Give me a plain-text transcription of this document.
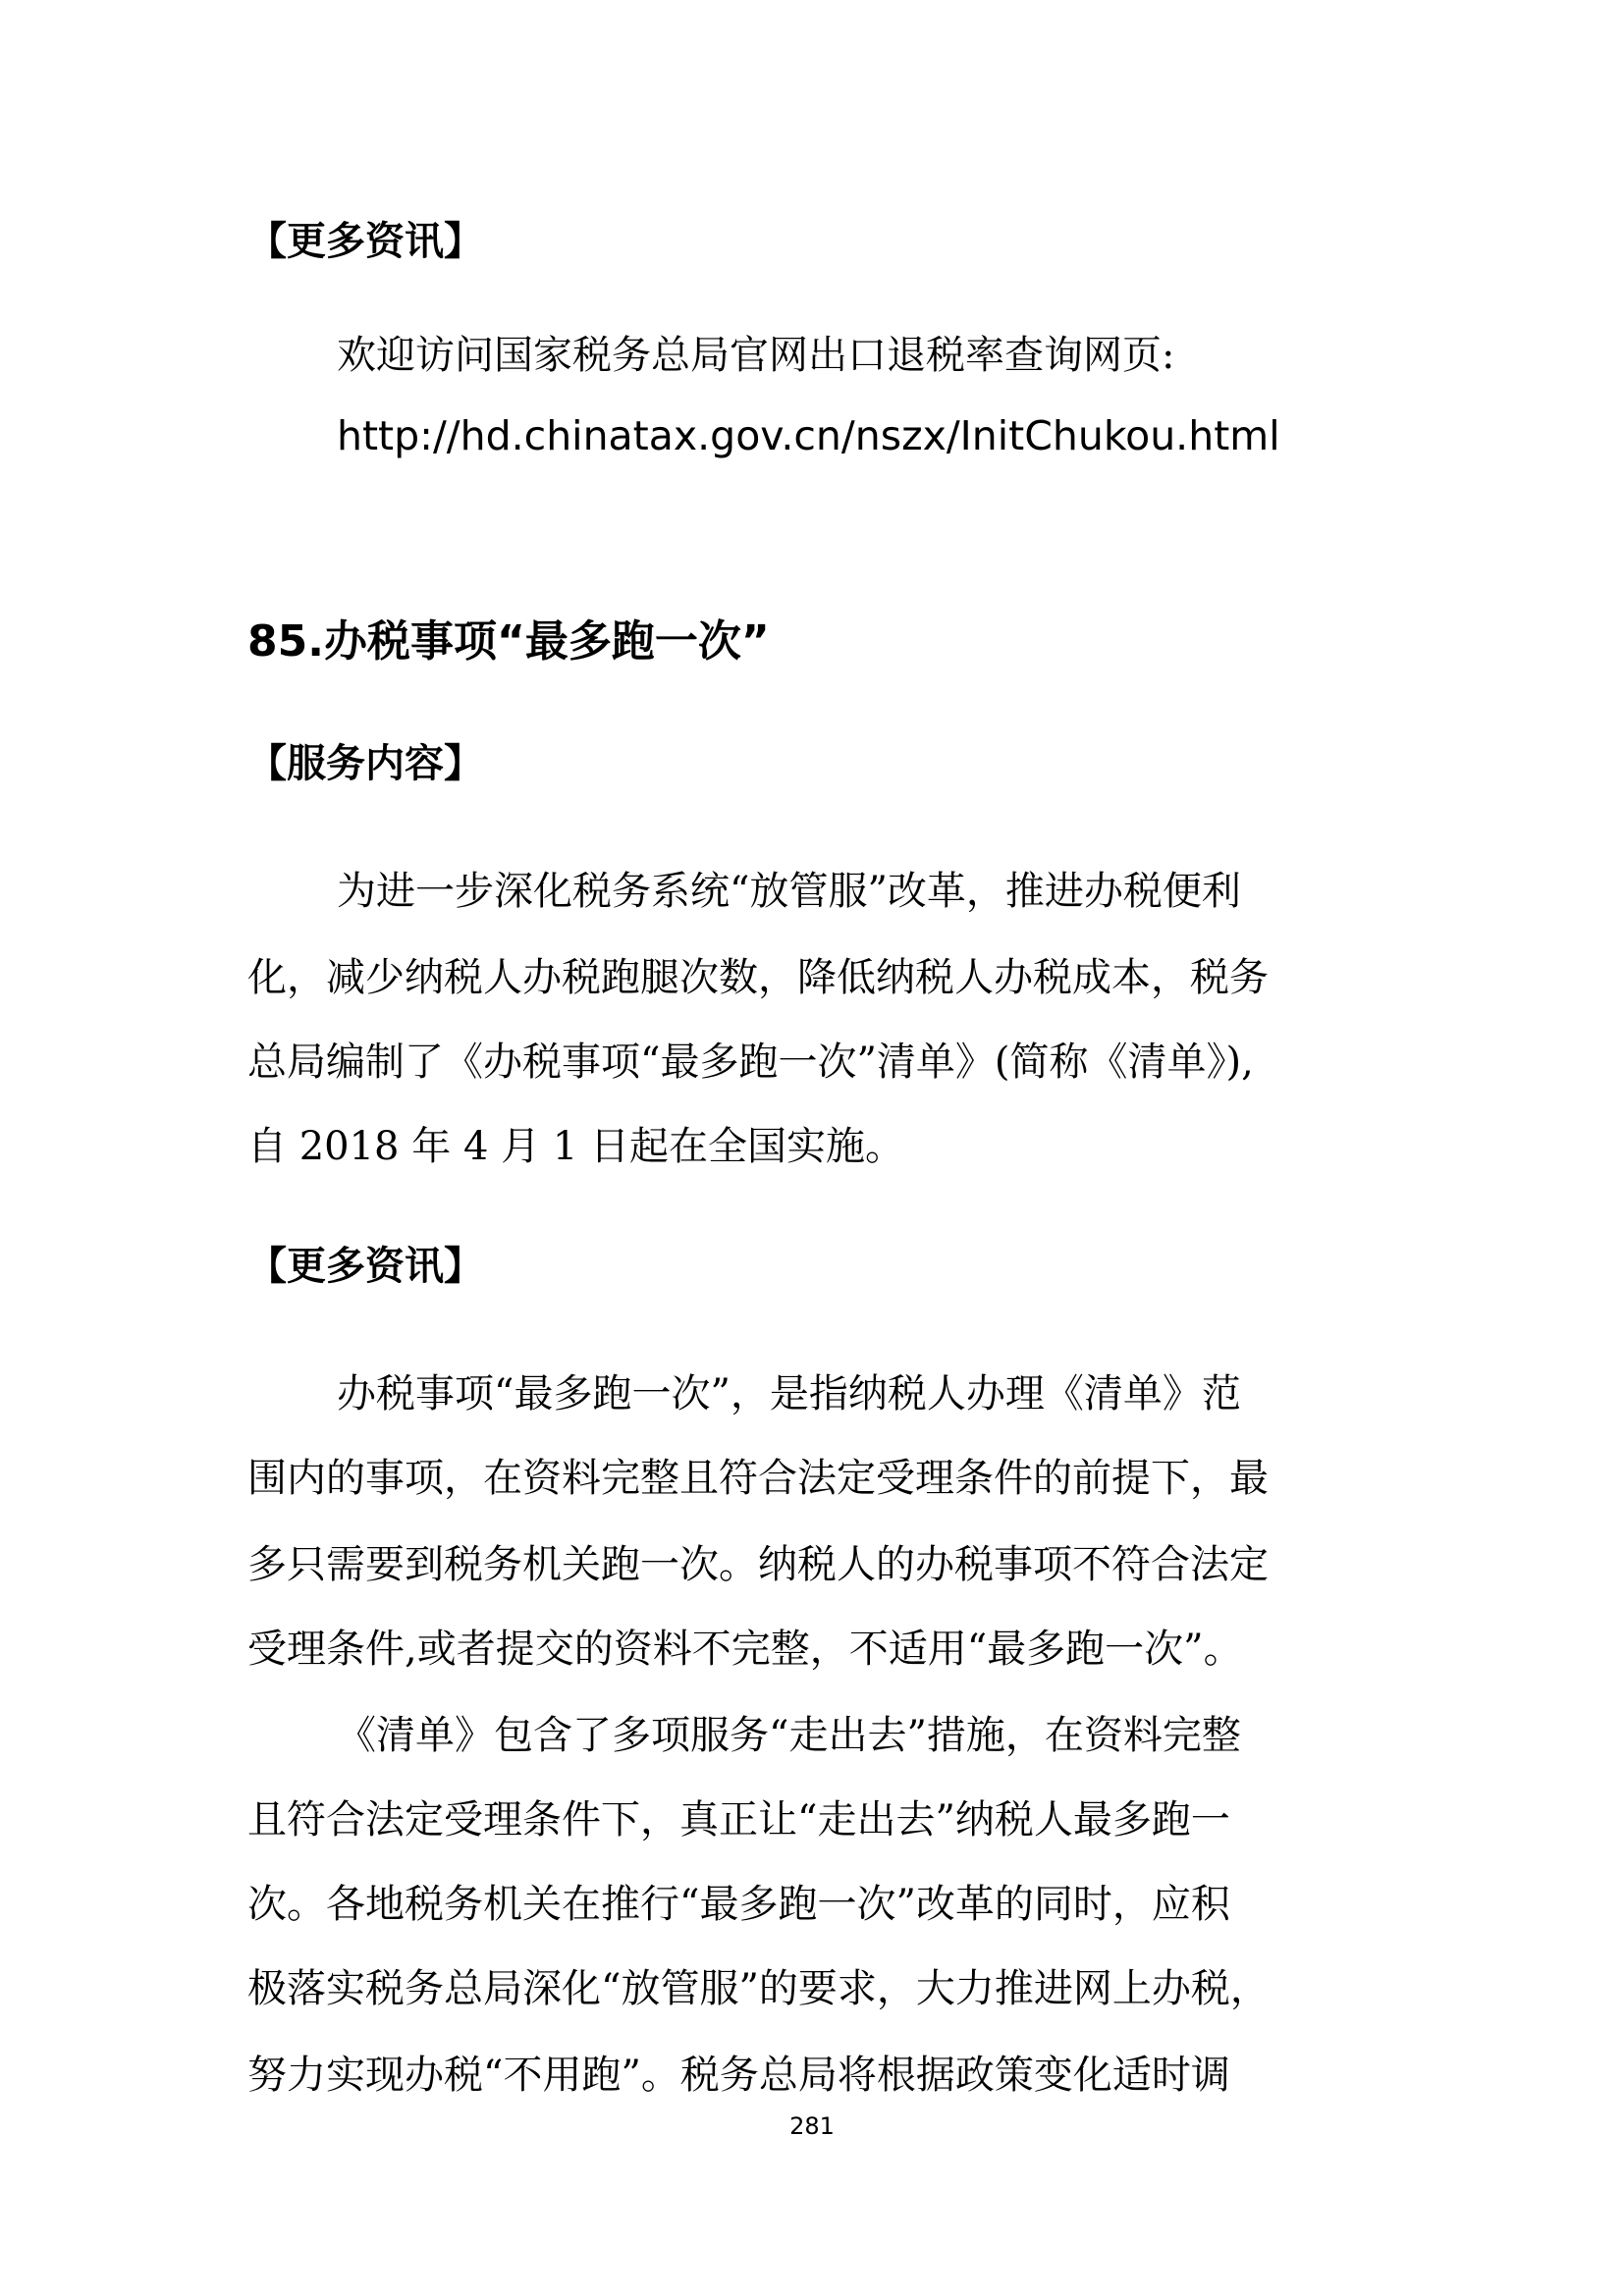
【更多资讯】
欢迎访问国家税务总局官网出口退税率查询网页:
http://hd.chinatax.gov.cn/nszx/InitChukou.html
85.办税事项“最多跑一次”
【服务内容】
为进一步深化税务系统“放管服”改革，推进办税便利
化，减少纳税人办税跑腿次数，降低纳税人办税成本，税务
总局编制了《办税事项“最多跑一次”清单》(简称《清单》),
自 2018 年 4 月 1 日起在全国实施。
【更多资讯】
办税事项“最多跑一次”，是指纳税人办理《清单》范
围内的事项，在资料完整且符合法定受理条件的前提下，最
多只需要到税务机关跑一次。纳税人的办税事项不符合法定
受理条件,或者提交的资料不完整，不适用“最多跑一次”。
《清单》包含了多项服务“走出去”措施，在资料完整
且符合法定受理条件下，真正让“走出去”纳税人最多跑一
次。各地税务机关在推行“最多跑一次”改革的同时，应积
极落实税务总局深化“放管服”的要求，大力推进网上办税，
努力实现办税“不用跑”。税务总局将根据政策变化适时调
281
